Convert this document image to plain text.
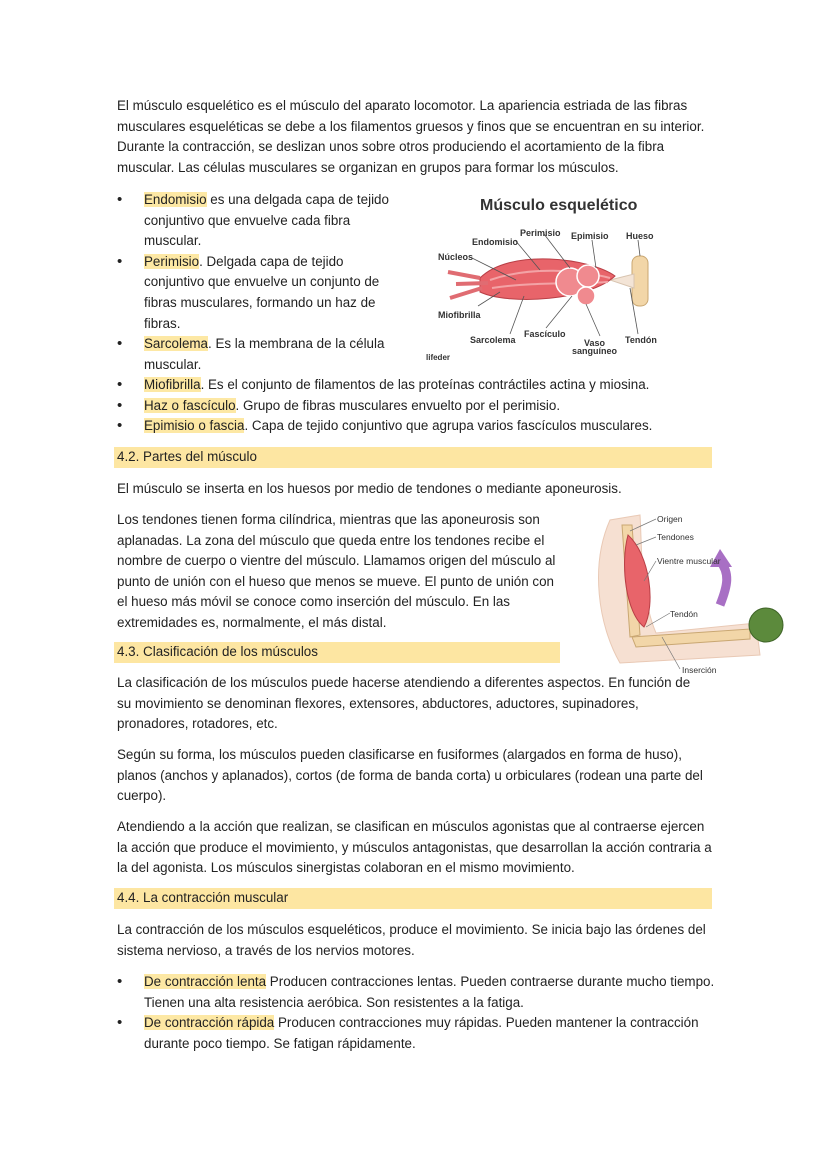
El músculo esquelético es el músculo del aparato locomotor. La apariencia estriada de las fibras musculares esqueléticas se debe a los filamentos gruesos y finos que se encuentran en su interior. Durante la contracción, se deslizan unos sobre otros produciendo el acortamiento de la fibra muscular. Las células musculares se organizan en grupos para formar los músculos.

• Endomisio es una delgada capa de tejido conjuntivo que envuelve cada fibra muscular.
• Perimisio. Delgada capa de tejido conjuntivo que envuelve un conjunto de fibras musculares, formando un haz de fibras.
• Sarcolema. Es la membrana de la célula muscular.
• Miofibrilla. Es el conjunto de filamentos de las proteínas contráctiles actina y miosina.
• Haz o fascículo. Grupo de fibras musculares envuelto por el perimisio.
• Epimisio o fascia. Capa de tejido conjuntivo que agrupa varios fascículos musculares.
Músculo esquelético
Perimisio Epimisio Hueso
Endomisio
Núcleos
Miofibrilla
Sarcolema
Fascículo
Vaso
sanguíneo
Tendón
lifeder
4.2. Partes del músculo

El músculo se inserta en los huesos por medio de tendones o mediante aponeurosis.

Los tendones tienen forma cilíndrica, mientras que las aponeurosis son aplanadas. La zona del músculo que queda entre los tendones recibe el nombre de cuerpo o vientre del músculo. Llamamos origen del músculo al punto de unión con el hueso que menos se mueve. El punto de unión con el hueso más móvil se conoce como inserción del músculo. En las extremidades es, normalmente, el más distal.

Origen
Tendones
Vientre muscular
Tendón
Inserción
4.3. Clasificación de los músculos

La clasificación de los músculos puede hacerse atendiendo a diferentes aspectos. En función de su movimiento se denominan flexores, extensores, abductores, aductores, supinadores, pronadores, rotadores, etc.

Según su forma, los músculos pueden clasificarse en fusiformes (alargados en forma de huso), planos (anchos y aplanados), cortos (de forma de banda corta) u orbiculares (rodean una parte del cuerpo).

Atendiendo a la acción que realizan, se clasifican en músculos agonistas que al contraerse ejercen la acción que produce el movimiento, y músculos antagonistas, que desarrollan la acción contraria a la del agonista. Los músculos sinergistas colaboran en el mismo movimiento.

4.4. La contracción muscular

La contracción de los músculos esqueléticos, produce el movimiento. Se inicia bajo las órdenes del sistema nervioso, a través de los nervios motores.

• De contracción lenta Producen contracciones lentas. Pueden contraerse durante mucho tiempo. Tienen una alta resistencia aeróbica. Son resistentes a la fatiga.
• De contracción rápida Producen contracciones muy rápidas. Pueden mantener la contracción durante poco tiempo. Se fatigan rápidamente.
